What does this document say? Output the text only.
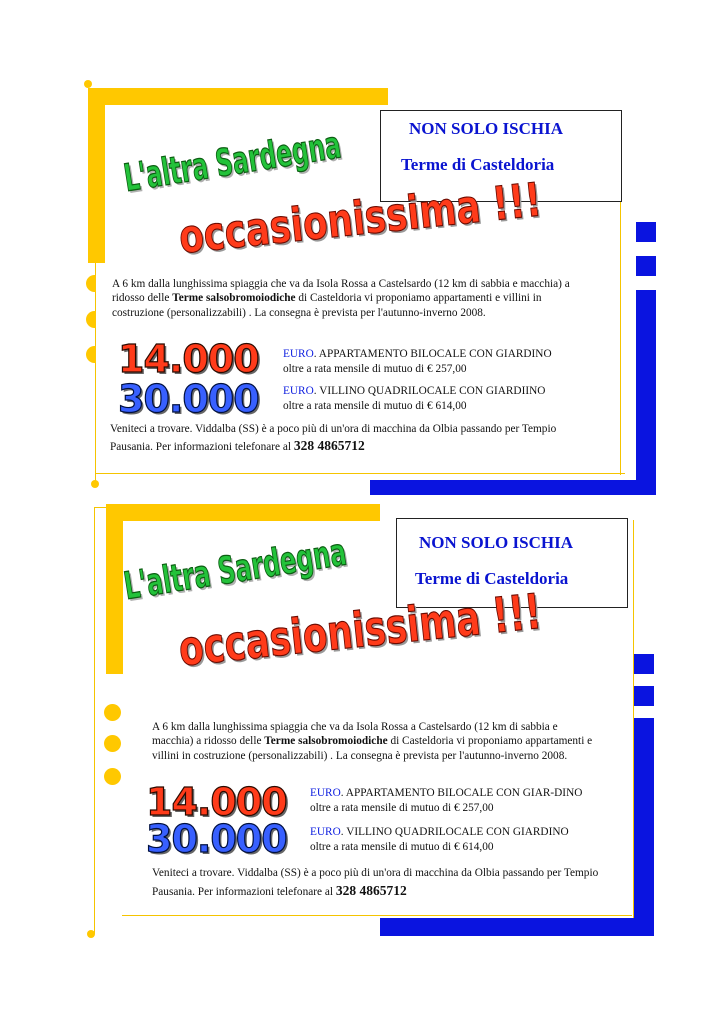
NON SOLO ISCHIA
Terme di Casteldoria
L'altra Sardegna
occasionissima !!!
A 6 km dalla lunghissima spiaggia che va da Isola Rossa a Castelsardo (12 km di sabbia e macchia) a ridosso delle Terme salsobromoiodiche di Casteldoria vi proponiamo appartamenti e villini in costruzione (personalizzabili) . La consegna è prevista per l'autunno-inverno 2008.
14.000 EURO. APPARTAMENTO BILOCALE CON GIARDINO
oltre a rata mensile di mutuo di € 257,00
30.000 EURO. VILLINO QUADRILOCALE CON GIARDIINO
oltre a rata mensile di mutuo di € 614,00
Veniteci a trovare. Viddalba (SS) è a poco più di un'ora di macchina da Olbia passando per Tempio Pausania. Per informazioni telefonare al 328 4865712
NON SOLO ISCHIA
Terme di Casteldoria
L'altra Sardegna
occasionissima !!!
A 6 km dalla lunghissima spiaggia che va da Isola Rossa a Castelsardo (12 km di sabbia e macchia) a ridosso delle Terme salsobromoiodiche di Casteldoria vi proponiamo appartamenti e villini in costruzione (personalizzabili) . La consegna è prevista per l'autunno-inverno 2008.
14.000 EURO. APPARTAMENTO BILOCALE CON GIAR-DINO oltre a rata mensile di mutuo di € 257,00
30.000 EURO. VILLINO QUADRILOCALE CON GIARDINO
oltre a rata mensile di mutuo di € 614,00
Veniteci a trovare. Viddalba (SS) è a poco più di un'ora di macchina da Olbia passando per Tempio Pausania. Per informazioni telefonare al 328 4865712
